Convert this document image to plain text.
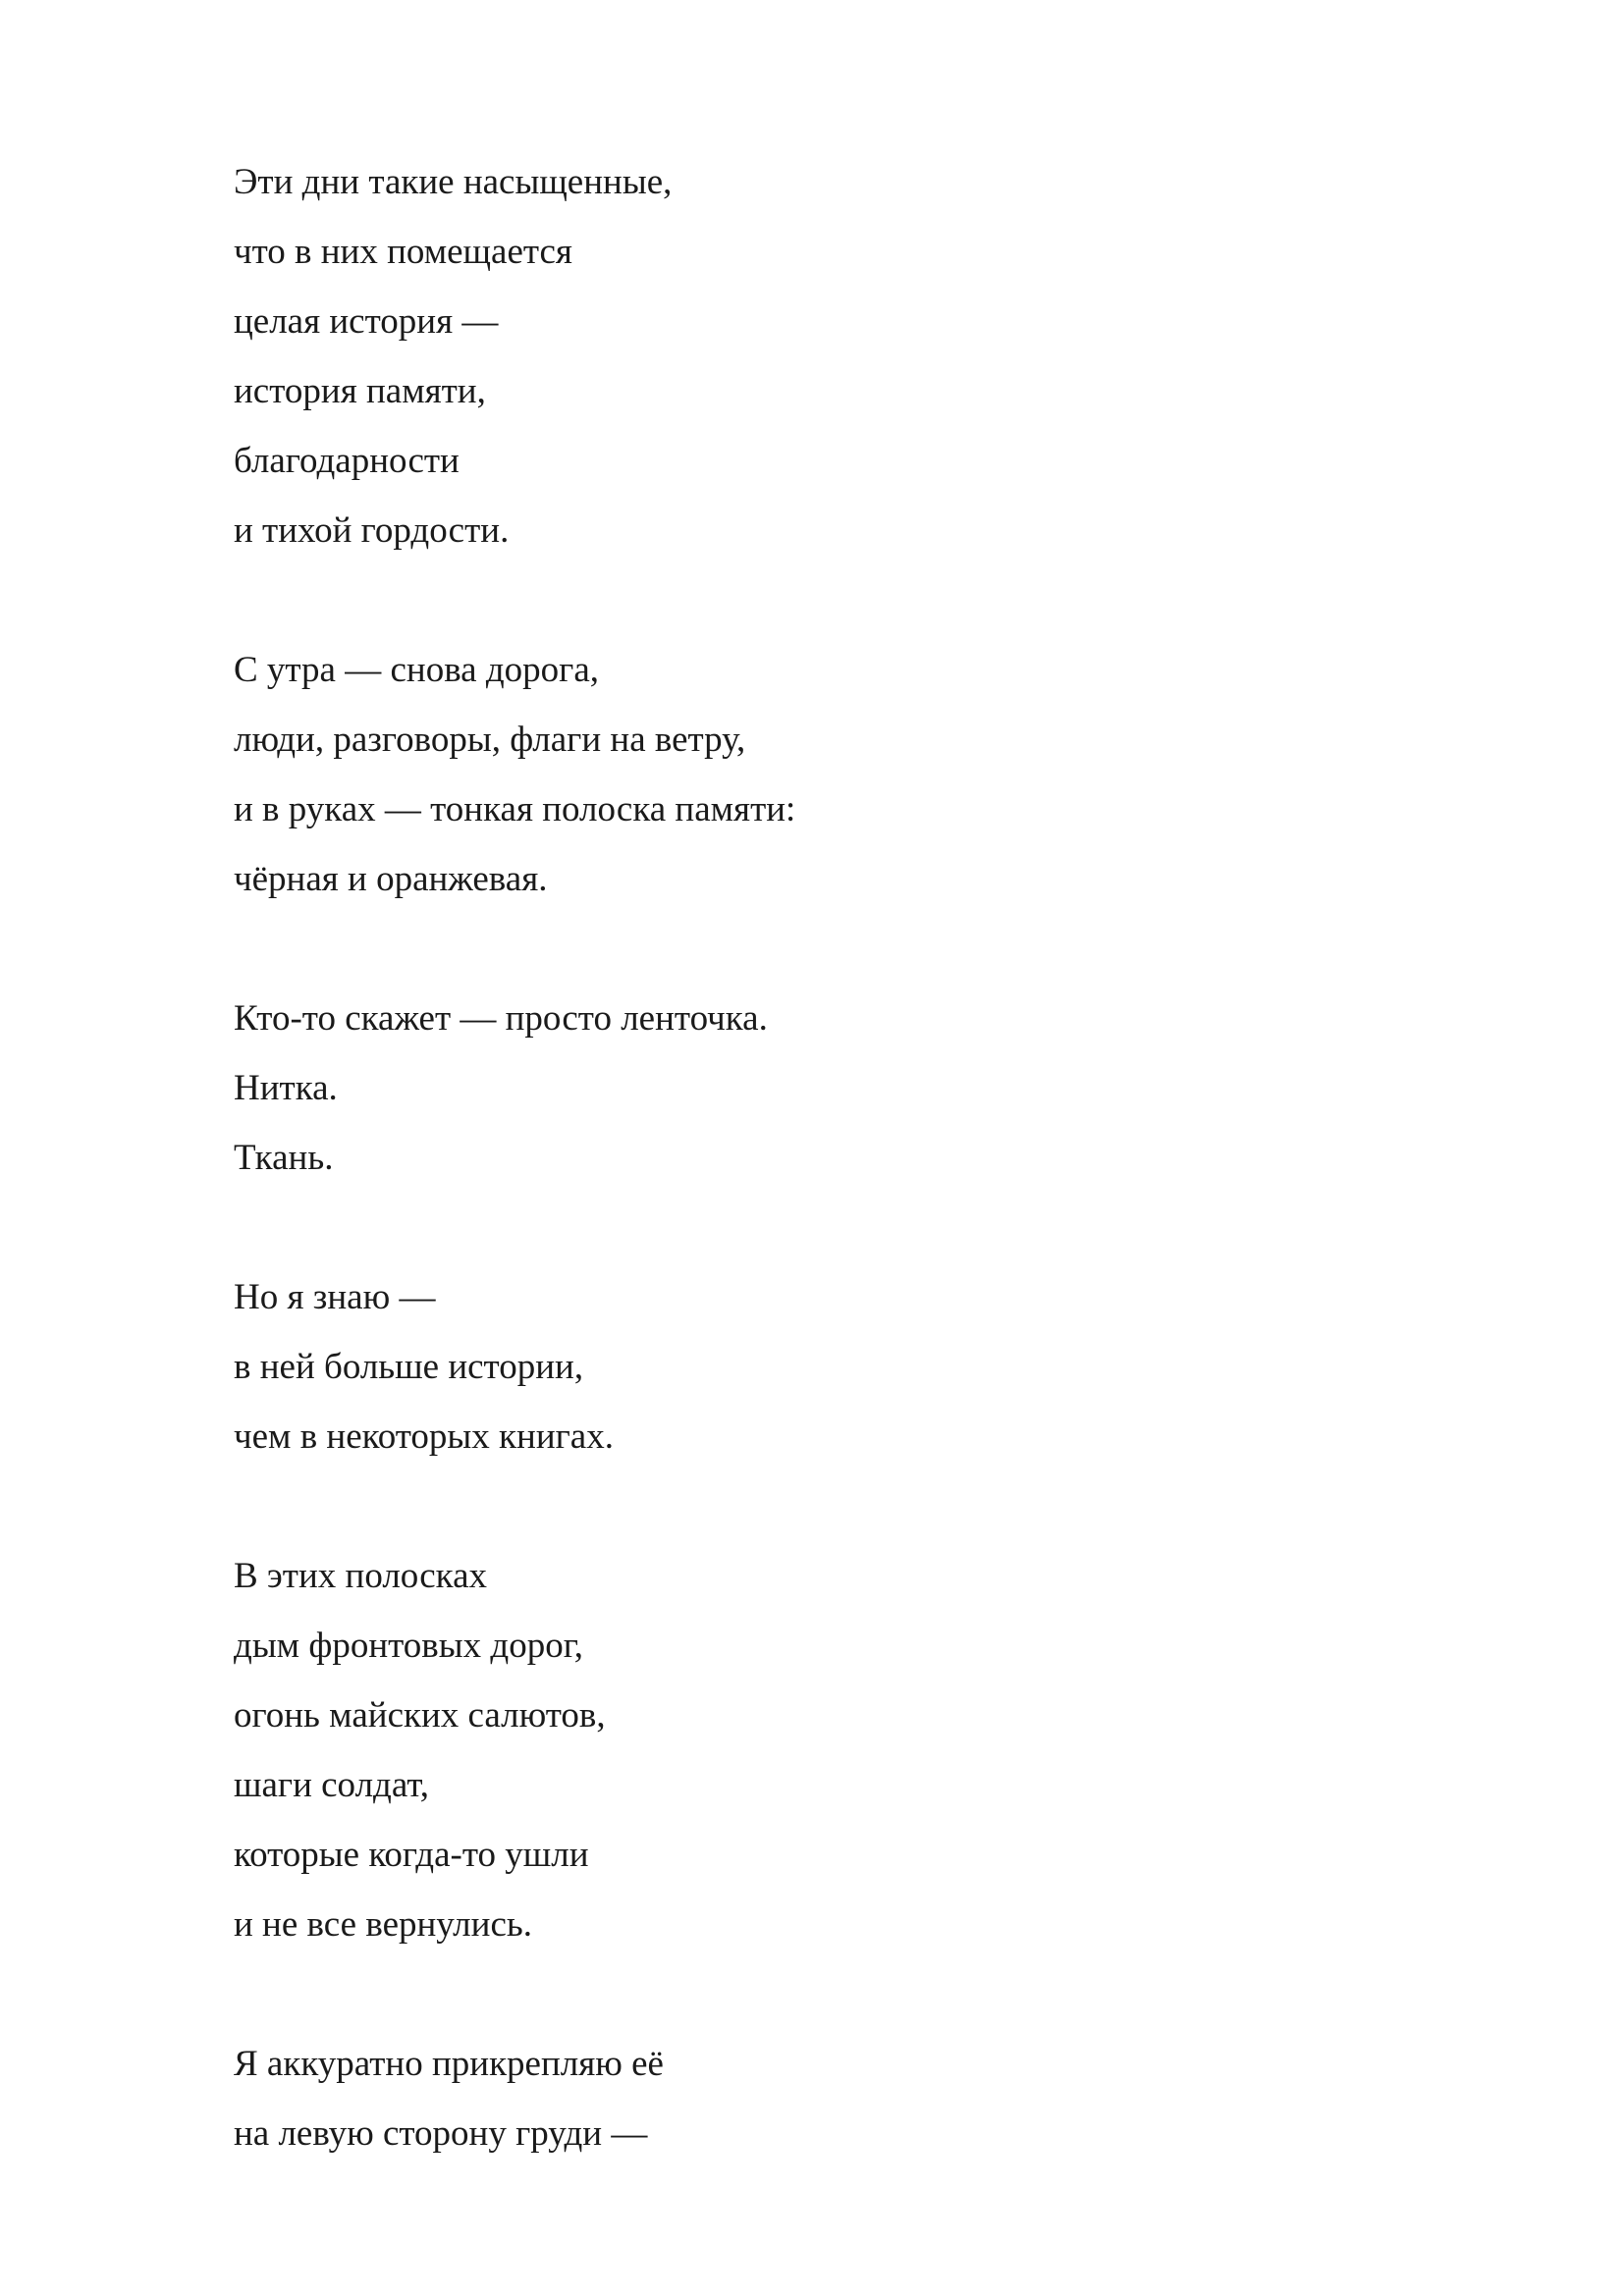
Эти дни такие насыщенные,
что в них помещается
целая история —
история памяти,
благодарности
и тихой гордости.
С утра — снова дорога,
люди, разговоры, флаги на ветру,
и в руках — тонкая полоска памяти:
чёрная и оранжевая.
Кто-то скажет — просто ленточка.
Нитка.
Ткань.
Но я знаю —
в ней больше истории,
чем в некоторых книгах.
В этих полосках
дым фронтовых дорог,
огонь майских салютов,
шаги солдат,
которые когда-то ушли
и не все вернулись.
Я аккуратно прикрепляю её
на левую сторону груди —
